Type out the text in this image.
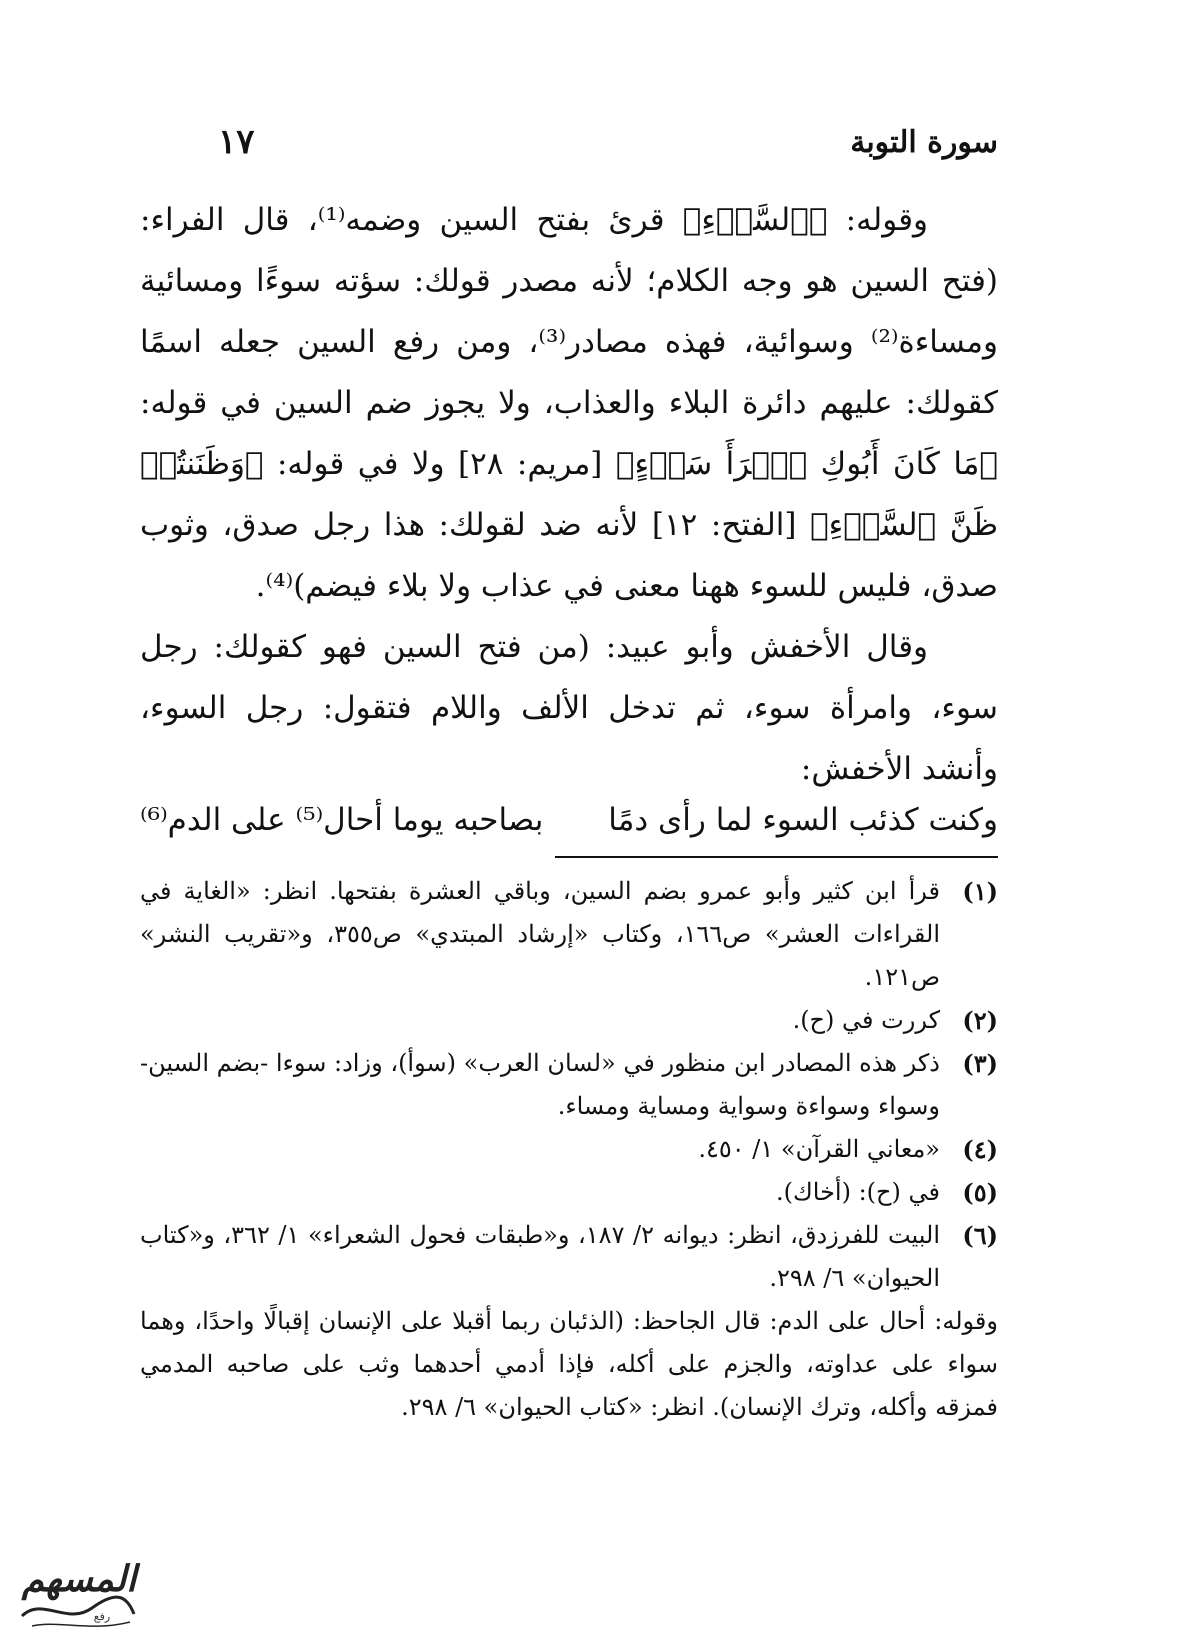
سورة التوبة
١٧

وقوله: ﴿ٱلسَّوۡءِ﴾ قرئ بفتح السين وضمه⁽¹⁾، قال الفراء: (فتح السين هو وجه الكلام؛ لأنه مصدر قولك: سؤته سوءًا ومسائية ومساءة⁽²⁾ وسوائية، فهذه مصادر⁽³⁾، ومن رفع السين جعله اسمًا كقولك: عليهم دائرة البلاء والعذاب، ولا يجوز ضم السين في قوله: ﴿مَا كَانَ أَبُوكِ ٱمۡرَأَ سَوۡءٍ﴾ [مريم: ٢٨] ولا في قوله: ﴿وَظَنَنتُمۡ ظَنَّ ٱلسَّوۡءِ﴾ [الفتح: ١٢] لأنه ضد لقولك: هذا رجل صدق، وثوب صدق، فليس للسوء ههنا معنى في عذاب ولا بلاء فيضم)⁽⁴⁾.

وقال الأخفش وأبو عبيد: (من فتح السين فهو كقولك: رجل سوء، وامرأة سوء، ثم تدخل الألف واللام فتقول: رجل السوء، وأنشد الأخفش:

وكنت كذئب السوء لما رأى دمًا
بصاحبه يوما أحال⁽⁵⁾ على الدم⁽⁶⁾
(١)
قرأ ابن كثير وأبو عمرو بضم السين، وباقي العشرة بفتحها. انظر: «الغاية في القراءات العشر» ص١٦٦، وكتاب «إرشاد المبتدي» ص٣٥٥، و«تقريب النشر» ص١٢١.
(٢)
كررت في (ح).
(٣)
ذكر هذه المصادر ابن منظور في «لسان العرب» (سوأ)، وزاد: سوءا -بضم السين- وسواء وسواءة وسواية ومساية ومساء.
(٤)
«معاني القرآن» ١/ ٤٥٠.
(٥)
في (ح): (أخاك).
(٦)
البيت للفرزدق، انظر: ديوانه ٢/ ١٨٧، و«طبقات فحول الشعراء» ١/ ٣٦٢، و«كتاب الحيوان» ٦/ ٢٩٨.
وقوله: أحال على الدم: قال الجاحظ: (الذئبان ربما أقبلا على الإنسان إقبالًا واحدًا، وهما سواء على عداوته، والجزم على أكله، فإذا أدمي أحدهما وثب على صاحبه المدمي فمزقه وأكله، وترك الإنسان). انظر: «كتاب الحيوان» ٦/ ٢٩٨.
رفع
المسهم
